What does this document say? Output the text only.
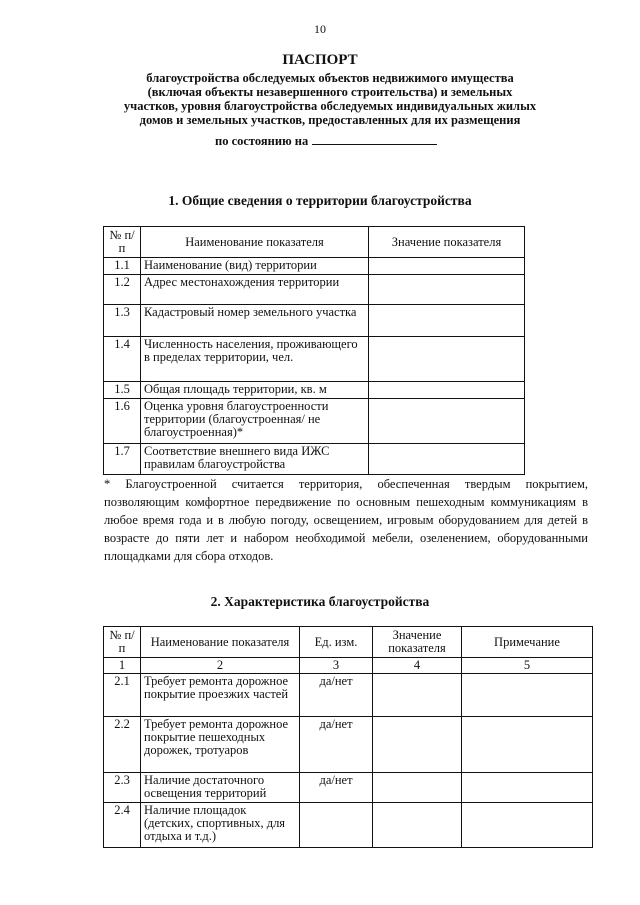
10
ПАСПОРТ
благоустройства обследуемых объектов недвижимого имущества
(включая объекты незавершенного строительства) и земельных
участков, уровня благоустройства обследуемых индивидуальных жилых
домов и земельных участков, предоставленных для их размещения
по состоянию на
1. Общие сведения о территории благоустройства
№ п/п	Наименование показателя	Значение показателя
1.1	Наименование (вид) территории	
1.2	Адрес местонахождения территории	
1.3	Кадастровый номер земельного участка	
1.4	Численность населения, проживающего в пределах территории, чел.	
1.5	Общая площадь территории, кв. м	
1.6	Оценка уровня благоустроенности территории (благоустроенная/ не благоустроенная)*	
1.7	Соответствие внешнего вида ИЖС правилам благоустройства	
* Благоустроенной считается территория, обеспеченная твердым покрытием, позволяющим комфортное передвижение по основным пешеходным коммуникациям в любое время года и в любую погоду, освещением, игровым оборудованием для детей в возрасте до пяти лет и набором необходимой мебели, озеленением, оборудованными площадками для сбора отходов.
2. Характеристика благоустройства
№ п/п	Наименование показателя	Ед. изм.	Значение показателя	Примечание
1	2	3	4	5
2.1	Требует ремонта дорожное покрытие проезжих частей	да/нет		
2.2	Требует ремонта дорожное покрытие пешеходных дорожек, тротуаров	да/нет		
2.3	Наличие достаточного освещения территорий	да/нет		
2.4	Наличие площадок (детских, спортивных, для отдыха и т.д.)			
